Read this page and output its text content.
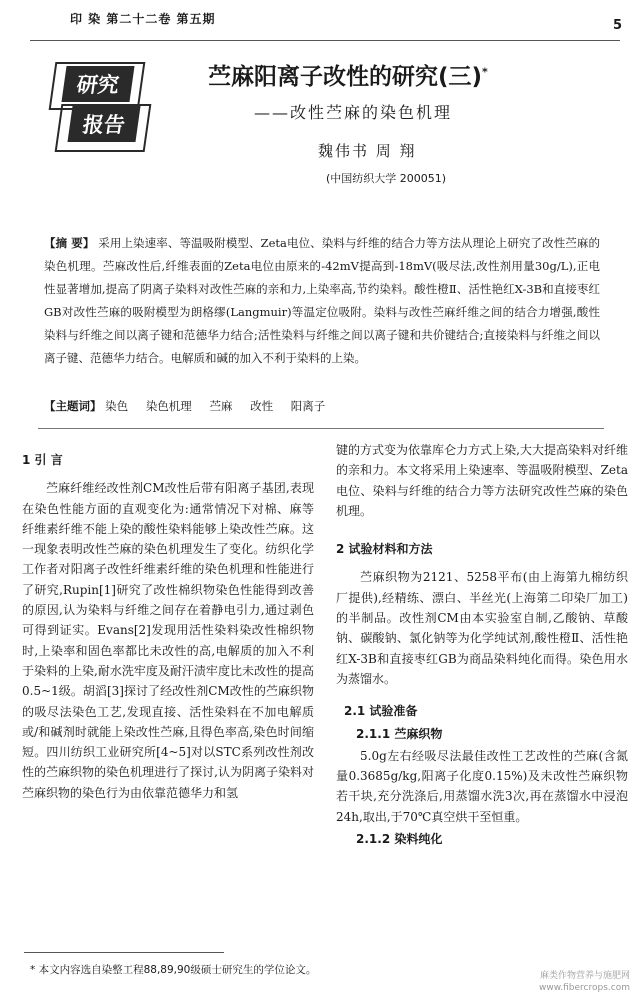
印 染 第二十二卷 第五期	5
研究
报告
苎麻阳离子改性的研究(三)*
——改性苎麻的染色机理
魏伟书 周 翔
(中国纺织大学 200051)
【摘 要】 采用上染速率、等温吸附模型、Zeta电位、染料与纤维的结合力等方法从理论上研究了改性苎麻的染色机理。苎麻改性后,纤维表面的Zeta电位由原来的-42mV提高到-18mV(吸尽法,改性剂用量30g/L),正电性显著增加,提高了阴离子染料对改性苎麻的亲和力,上染率高,节约染料。酸性橙Ⅱ、活性艳红X-3B和直接枣红GB对改性苎麻的吸附模型为朗格缪(Langmuir)等温定位吸附。染料与改性苎麻纤维之间的结合力增强,酸性染料与纤维之间以离子键和范德华力结合;活性染料与纤维之间以离子键和共价键结合;直接染料与纤维之间以离子键、范德华力结合。电解质和碱的加入不利于染料的上染。
【主题词】 染色 染色机理 苎麻 改性 阳离子
1 引 言

苎麻纤维经改性剂CM改性后带有阳离子基团,表现在染色性能方面的直观变化为:通常情况下对棉、麻等纤维素纤维不能上染的酸性染料能够上染改性苎麻。这一现象表明改性苎麻的染色机理发生了变化。纺织化学工作者对阳离子改性纤维素纤维的染色机理和性能进行了研究,Rupin[1]研究了改性棉织物染色性能得到改善的原因,认为染料与纤维之间存在着静电引力,通过剥色可得到证实。Evans[2]发现用活性染料染改性棉织物时,上染率和固色率都比未改性的高,电解质的加入不利于染料的上染,耐水洗牢度及耐汗渍牢度比未改性的提高0.5~1级。胡滔[3]探讨了经改性剂CM改性的苎麻织物的吸尽法染色工艺,发现直接、活性染料在不加电解质或/和碱剂时就能上染改性苎麻,且得色率高,染色时间缩短。四川纺织工业研究所[4~5]对以STC系列改性剂改性的苎麻织物的染色机理进行了探讨,认为阴离子染料对苎麻织物的染色行为由依靠范德华力和氢

键的方式变为依靠库仑力方式上染,大大提高染料对纤维的亲和力。本文将采用上染速率、等温吸附模型、Zeta电位、染料与纤维的结合力等方法研究改性苎麻的染色机理。
2 试验材料和方法

苎麻织物为2121、5258平布(由上海第九棉纺织厂提供),经精练、漂白、半丝光(上海第二印染厂加工)的半制品。改性剂CM由本实验室自制,乙酸钠、草酸钠、碳酸钠、氯化钠等为化学纯试剂,酸性橙Ⅱ、活性艳红X-3B和直接枣红GB为商品染料纯化而得。染色用水为蒸馏水。

2.1 试验准备
2.1.1 苎麻织物

5.0g左右经吸尽法最佳改性工艺改性的苎麻(含氮量0.3685g/kg,阳离子化度0.15%)及未改性苎麻织物若干块,充分洗涤后,用蒸馏水洗3次,再在蒸馏水中浸泡24h,取出,于70℃真空烘干至恒重。

2.1.2 染料纯化
* 本文内容选自染整工程88,89,90级硕士研究生的学位论文。	麻类作物营养与施肥网
www.fibercrops.com
